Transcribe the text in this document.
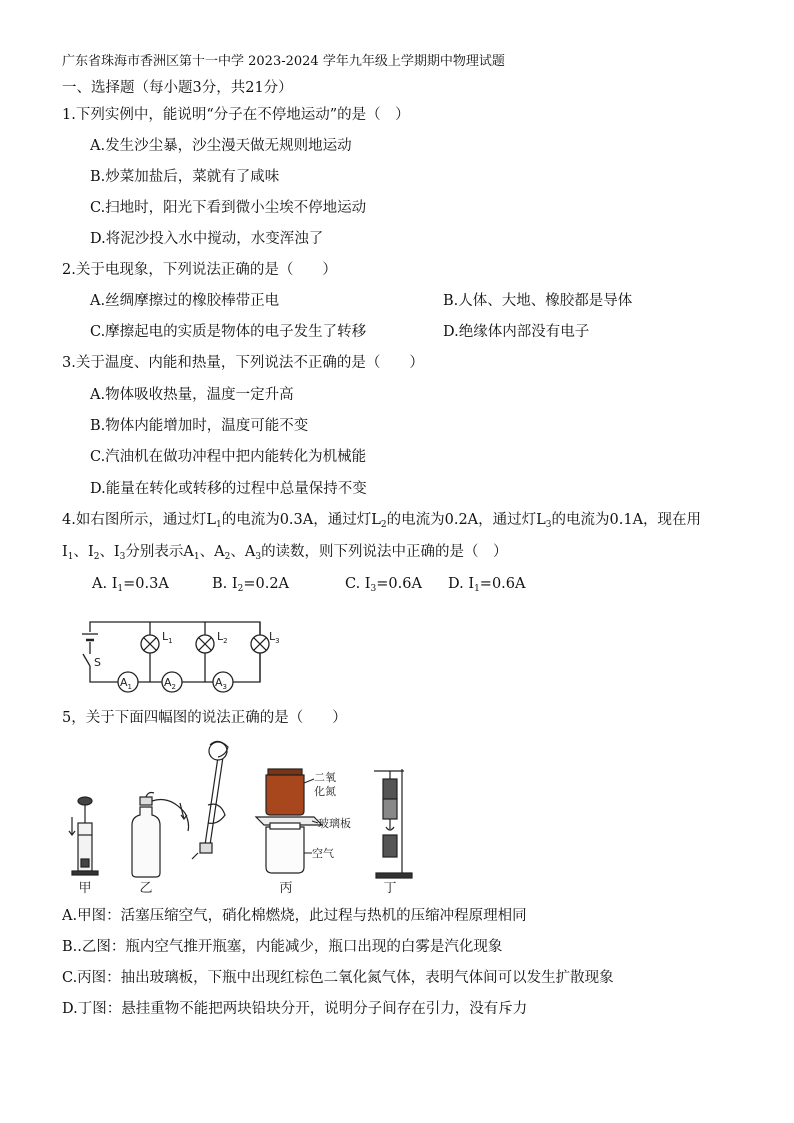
广东省珠海市香洲区第十一中学 2023-2024 学年九年级上学期期中物理试题
一、选择题（每小题3分，共21分）
1.下列实例中，能说明“分子在不停地运动”的是（　）
A.发生沙尘暴，沙尘漫天做无规则地运动
B.炒菜加盐后，菜就有了咸味
C.扫地时，阳光下看到微小尘埃不停地运动
D.将泥沙投入水中搅动，水变浑浊了
2.关于电现象，下列说法正确的是（　　）
A.丝绸摩擦过的橡胶棒带正电	B.人体、大地、橡胶都是导体
C.摩擦起电的实质是物体的电子发生了转移	D.绝缘体内部没有电子
3.关于温度、内能和热量，下列说法不正确的是（　　）
A.物体吸收热量，温度一定升高
B.物体内能增加时，温度可能不变
C.汽油机在做功冲程中把内能转化为机械能
D.能量在转化或转移的过程中总量保持不变
4.如右图所示，通过灯$L_1$的电流为0.3A，通过灯$L_2$的电流为0.2A，通过灯$L_3$的电流为0.1A，现在用
$I_1$、$I_2$、$I_3$分别表示$A_1$、$A_2$、$A_3$的读数，则下列说法中正确的是（　）
A. $I_1=0.3A$	B. $I_2=0.2A$	C. $I_3=0.6A$ D. $I_1=0.6A$
$A_1$	$A_2$	$A_3$
S
$L_1$	$L_2$	$L_3$
5，关于下面四幅图的说法正确的是（　　）
二氧
化氮
玻璃板
空气
甲	乙	丙	丁
A.甲图：活塞压缩空气，硝化棉燃烧，此过程与热机的压缩冲程原理相同
B..乙图：瓶内空气推开瓶塞，内能减少，瓶口出现的白雾是汽化现象
C.丙图：抽出玻璃板，下瓶中出现红棕色二氧化氮气体，表明气体间可以发生扩散现象
D.丁图：悬挂重物不能把两块铅块分开，说明分子间存在引力，没有斥力
